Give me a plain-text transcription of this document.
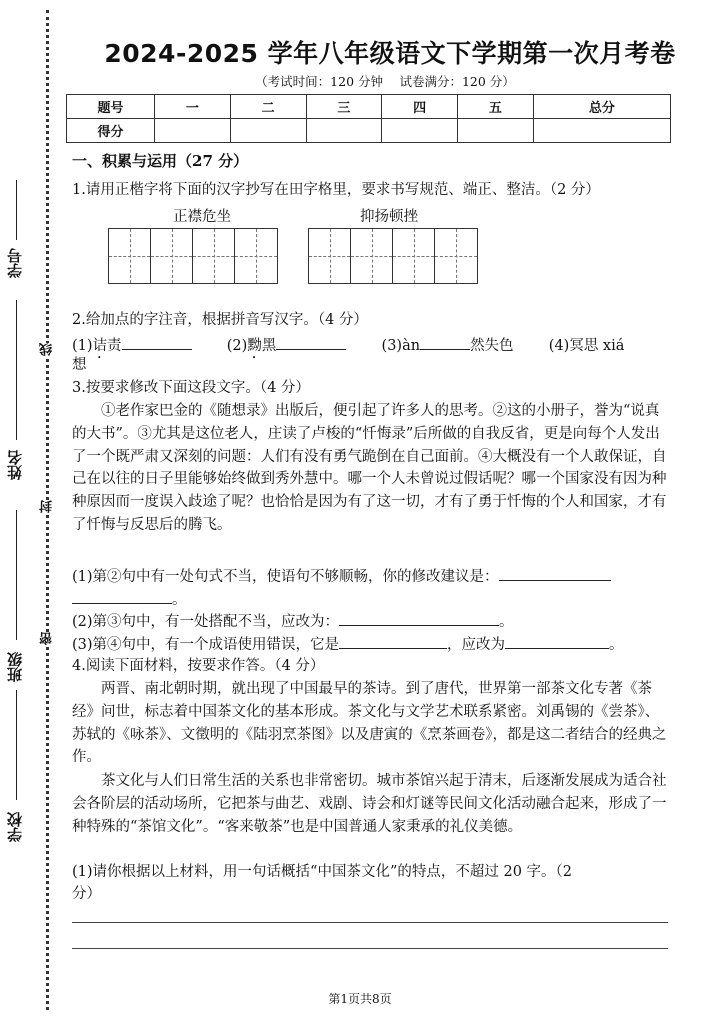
学号
姓名
班级
学校
线
封
密
2024-2025 学年八年级语文下学期第一次月考卷
（考试时间：120 分钟　 试卷满分：120 分）
题号	一	二	三	四	五	总分
得分						
一、积累与运用（27 分）
1.请用正楷字将下面的汉字抄写在田字格里，要求书写规范、端正、整洁。（2 分）
正襟危坐	抑扬顿挫
2.给加点的字注音，根据拼音写汉字。（4 分）
(1)诘责	(2)黝黑	(3)àn	然失色 (4)冥思 xiá
想
3.按要求修改下面这段文字。（4 分）
①老作家巴金的《随想录》出版后，便引起了许多人的思考。②这的小册子，誉为“说真的大书”。③尤其是这位老人，庄读了卢梭的“忏悔录”后所做的自我反省，更是向每个人发出了一个既严肃又深刻的问题：人们有没有勇气跪倒在自己面前。④大概没有一个人敢保证，自己在以往的日子里能够始终做到秀外慧中。哪一个人未曾说过假话呢？哪一个国家没有因为种种原因而一度误入歧途了呢？也恰恰是因为有了这一切，才有了勇于忏悔的个人和国家，才有了忏悔与反思后的腾飞。
(1)第②句中有一处句式不当，使语句不够顺畅，你的修改建议是：
。
(2)第③句中，有一处搭配不当，应改为：	。
(3)第④句中，有一个成语使用错误，它是	，应改为	。
4.阅读下面材料，按要求作答。（4 分）
两晋、南北朝时期，就出现了中国最早的茶诗。到了唐代，世界第一部茶文化专著《茶经》问世，标志着中国茶文化的基本形成。茶文化与文学艺术联系紧密。刘禹锡的《尝茶》、苏轼的《咏茶》、文徵明的《陆羽烹茶图》以及唐寅的《烹茶画卷》，都是这二者结合的经典之作。
茶文化与人们日常生活的关系也非常密切。城市茶馆兴起于清末，后逐渐发展成为适合社会各阶层的活动场所，它把茶与曲艺、戏剧、诗会和灯谜等民间文化活动融合起来，形成了一种特殊的“茶馆文化”。“客来敬茶”也是中国普通人家秉承的礼仪美德。
(1)请你根据以上材料，用一句话概括“中国茶文化”的特点，不超过 20 字。（2
分）
第1页共8页
